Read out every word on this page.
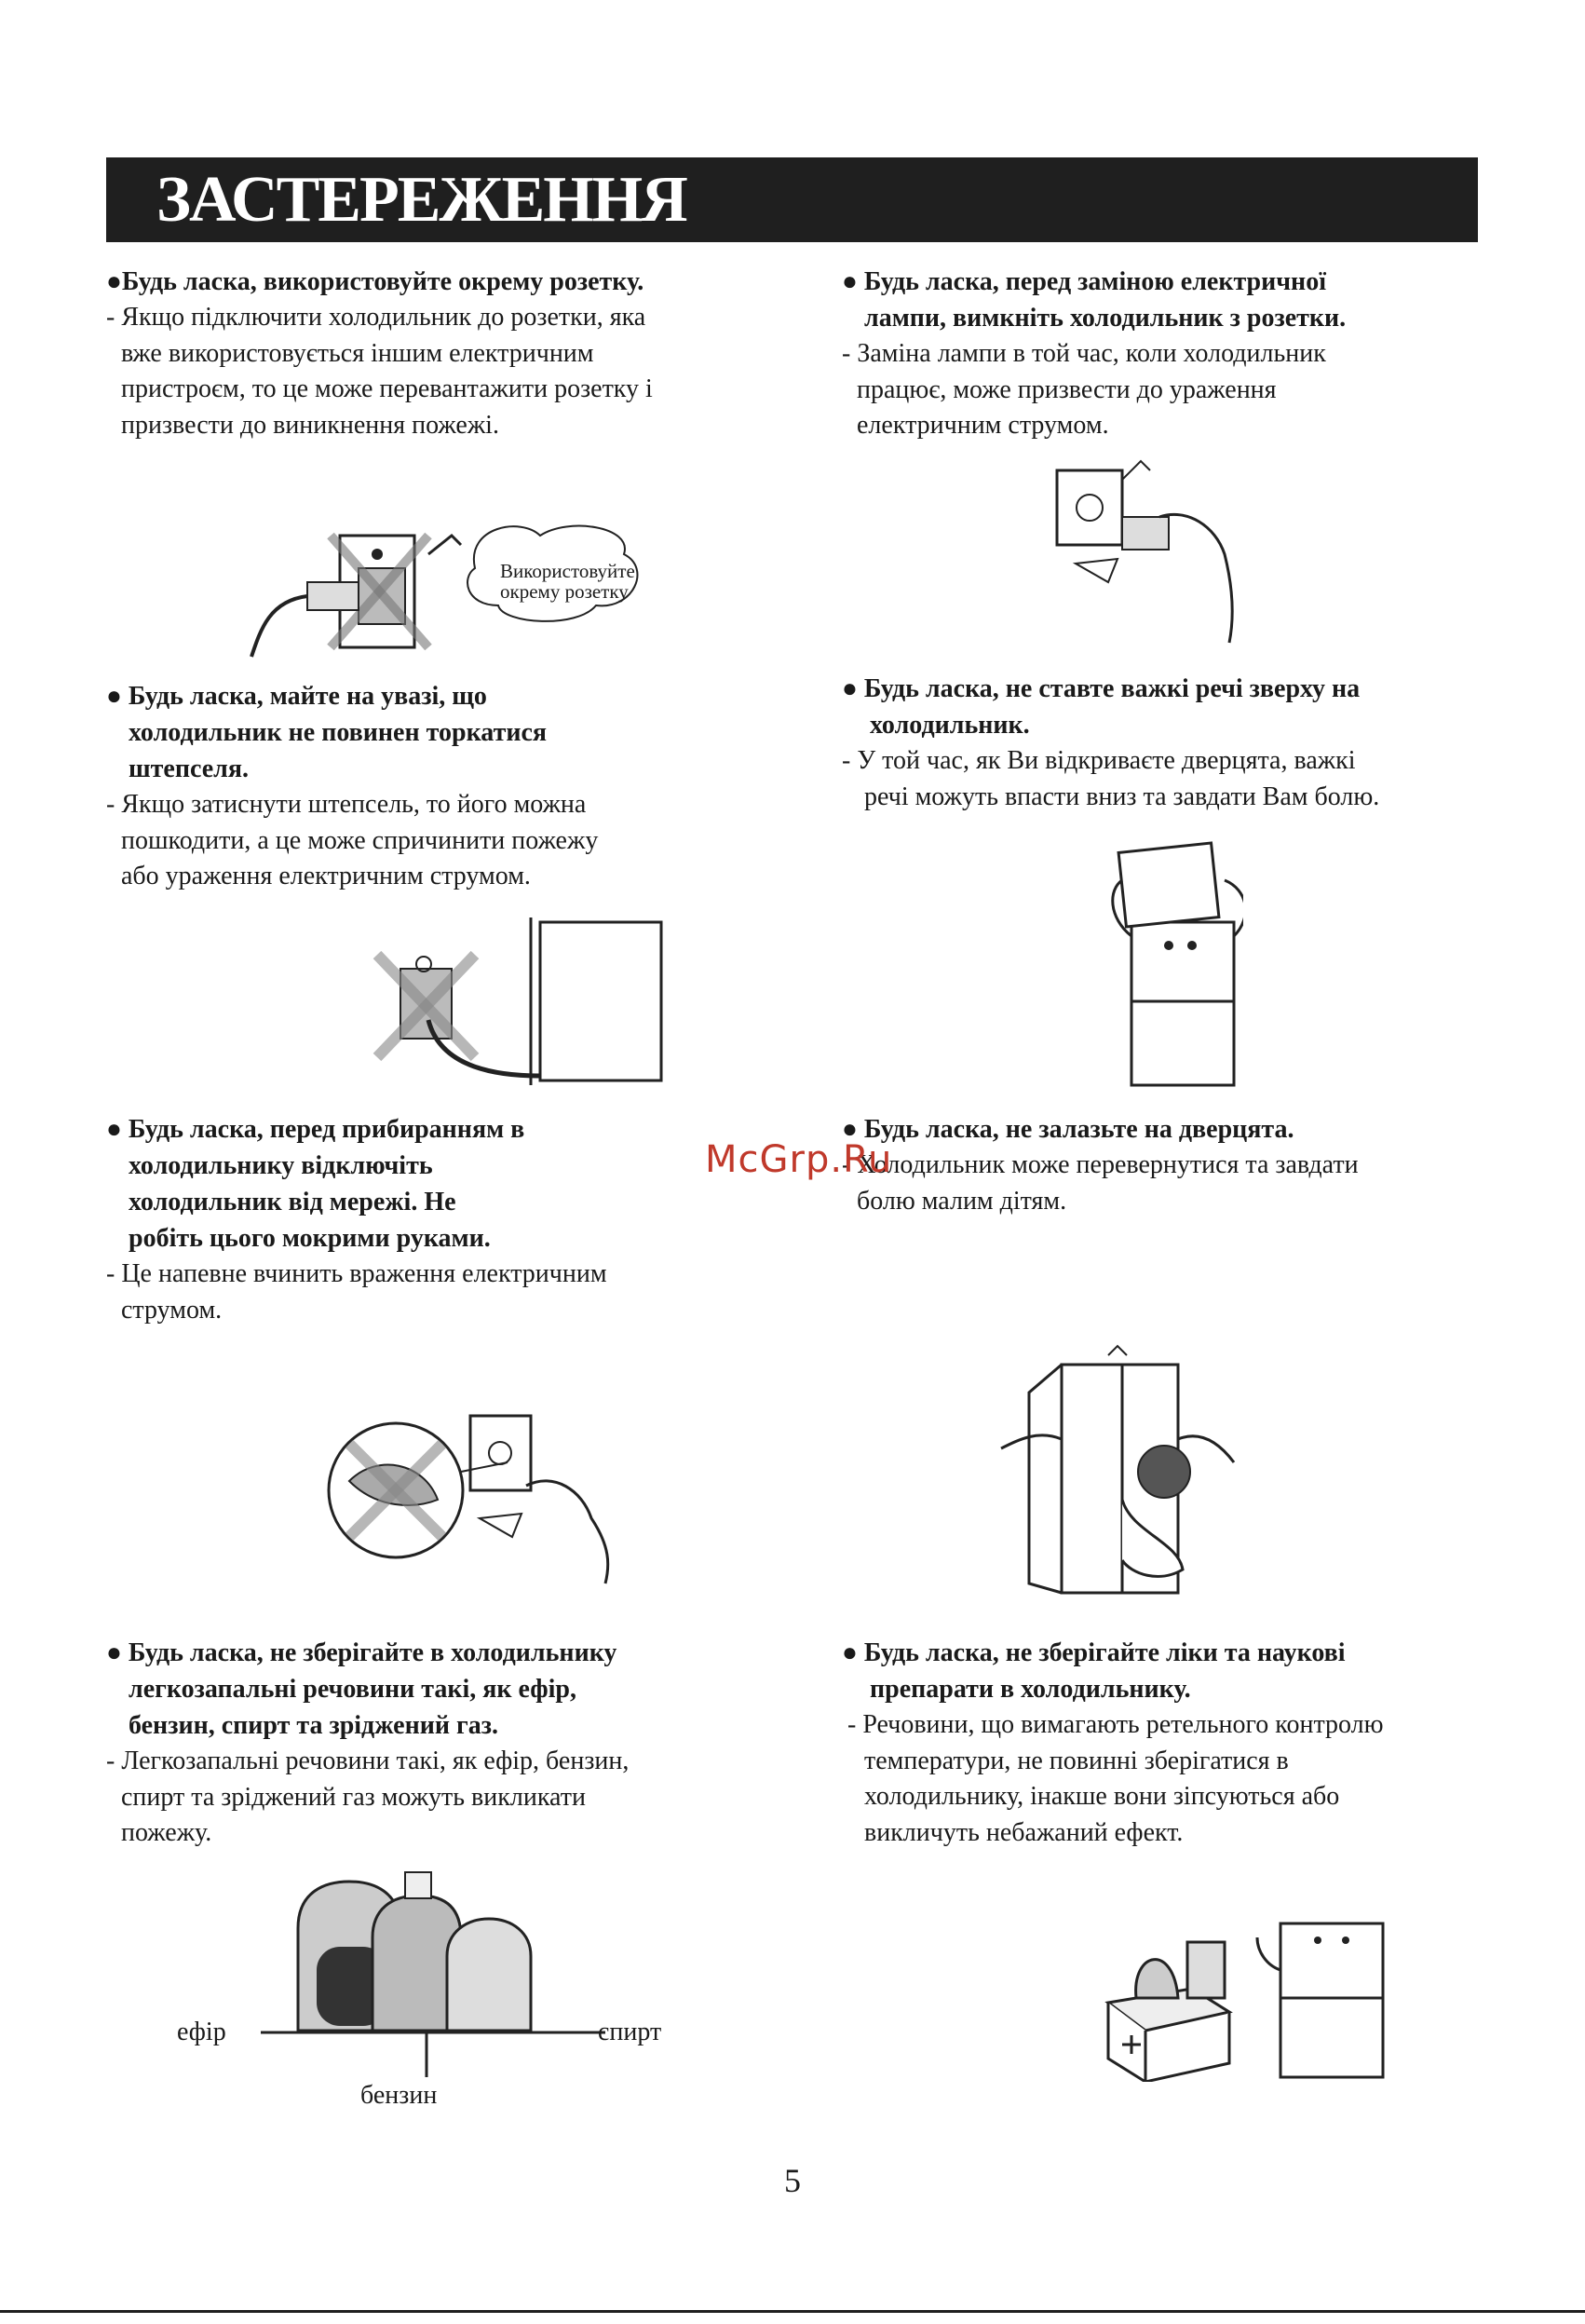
ЗАСТЕРЕЖЕННЯ
●Будь ласка, використовуйте окрему розетку.
- Якщо підключити холодильник до розетки, яка
вже використовується іншим електричним
пристроєм, то це може перевантажити розетку і
призвести до виникнення пожежі.
Використовуйте
окрему розетку
● Будь ласка, майте на увазі, що
холодильник не повинен торкатися
штепселя.
- Якщо затиснути штепсель, то його можна
пошкодити, а це може спричинити пожежу
або ураження електричним струмом.
● Будь ласка, перед прибиранням в
холодильнику відключіть
холодильник від мережі. Не
робіть цього мокрими руками.
- Це напевне вчинить враження електричним
струмом.
● Будь ласка, не зберігайте в холодильнику
легкозапальні речовини такі, як ефір,
бензин, спирт та зріджений газ.
- Легкозапальні речовини такі, як ефір, бензин,
спирт та зріджений газ можуть викликати
пожежу.
ефір
бензин
спирт
● Будь ласка, перед заміною електричної
лампи, вимкніть холодильник з розетки.
- Заміна лампи в той час, коли холодильник
працює, може призвести до ураження
електричним струмом.
● Будь ласка, не ставте важкі речі зверху на
холодильник.
- У той час, як Ви відкриваєте дверцята, важкі
речі можуть впасти вниз та завдати Вам болю.
● Будь ласка, не залазьте на дверцята.
- Холодильник може перевернутися та завдати
болю малим дітям.
● Будь ласка, не зберігайте ліки та наукові
препарати в холодильнику.
- Речовини, що вимагають ретельного контролю
температури, не повинні зберігатися в
холодильнику, інакше вони зіпсуються або
викличуть небажаний ефект.
McGrp.Ru
5
